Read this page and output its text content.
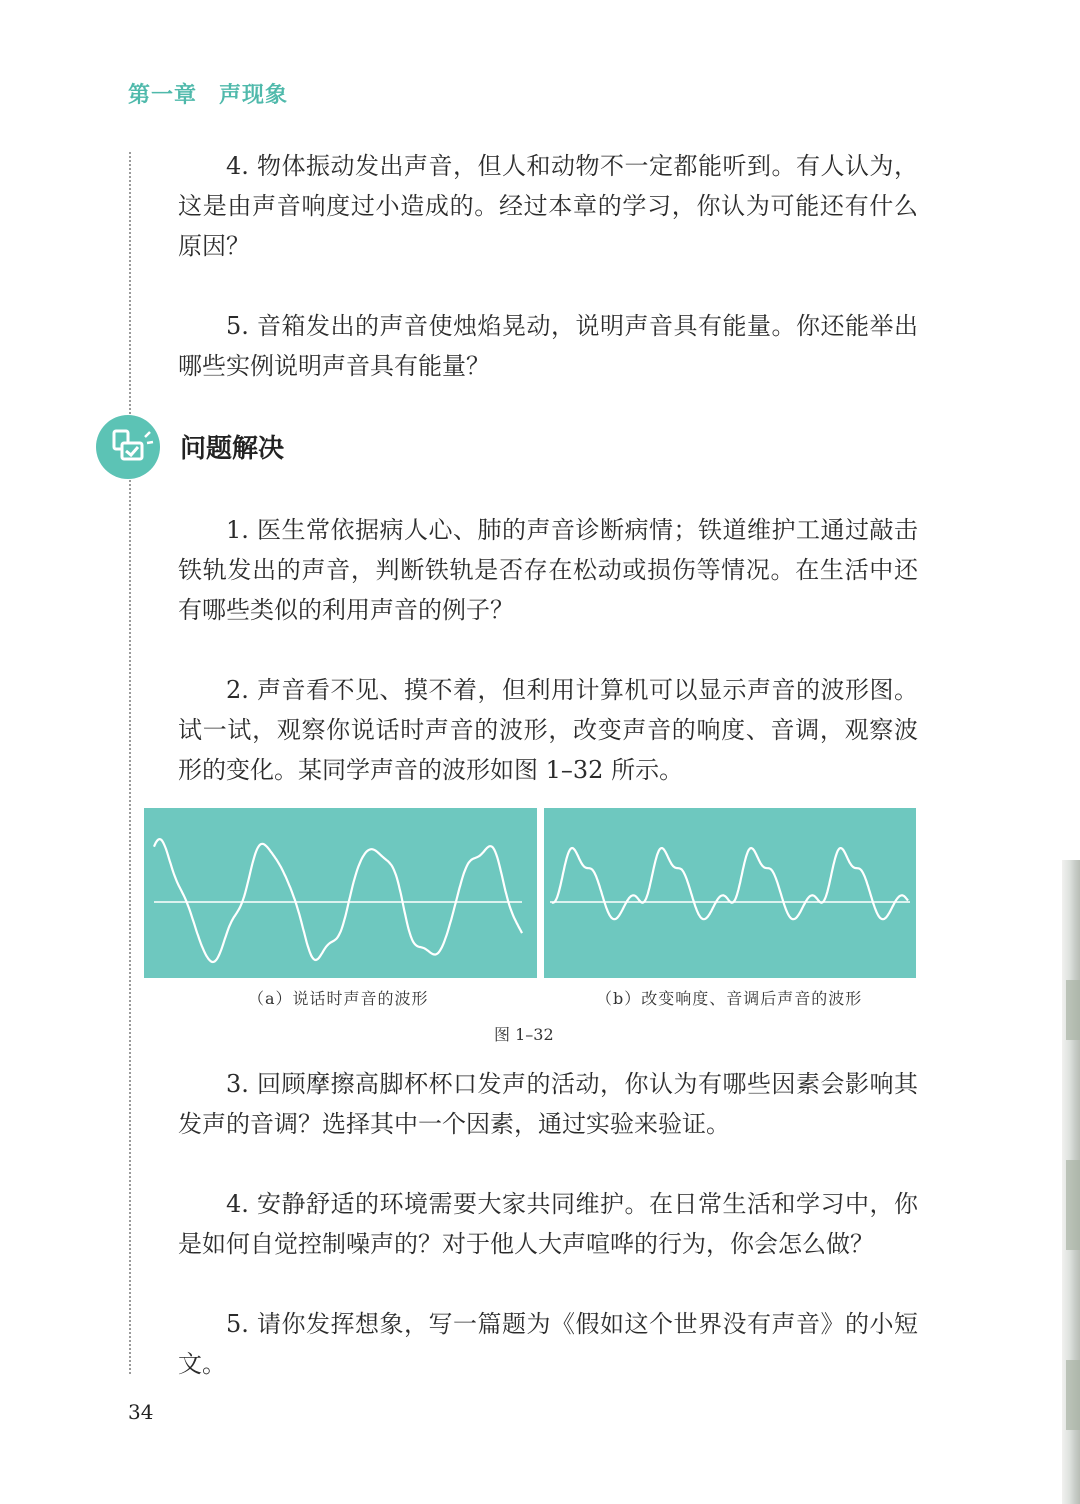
第一章 声现象

4. 物体振动发出声音，但人和动物不一定都能听到。有人认为，这是由声音响度过小造成的。经过本章的学习，你认为可能还有什么原因？

5. 音箱发出的声音使烛焰晃动，说明声音具有能量。你还能举出哪些实例说明声音具有能量？

问题解决

1. 医生常依据病人心、肺的声音诊断病情；铁道维护工通过敲击铁轨发出的声音，判断铁轨是否存在松动或损伤等情况。在生活中还有哪些类似的利用声音的例子？

2. 声音看不见、摸不着，但利用计算机可以显示声音的波形图。试一试，观察你说话时声音的波形，改变声音的响度、音调，观察波形的变化。某同学声音的波形如图 1–32 所示。

（a）说话时声音的波形	（b）改变响度、音调后声音的波形
图 1–32

3. 回顾摩擦高脚杯杯口发声的活动，你认为有哪些因素会影响其发声的音调？选择其中一个因素，通过实验来验证。

4. 安静舒适的环境需要大家共同维护。在日常生活和学习中，你是如何自觉控制噪声的？对于他人大声喧哗的行为，你会怎么做？

5. 请你发挥想象，写一篇题为《假如这个世界没有声音》的小短文。

34
